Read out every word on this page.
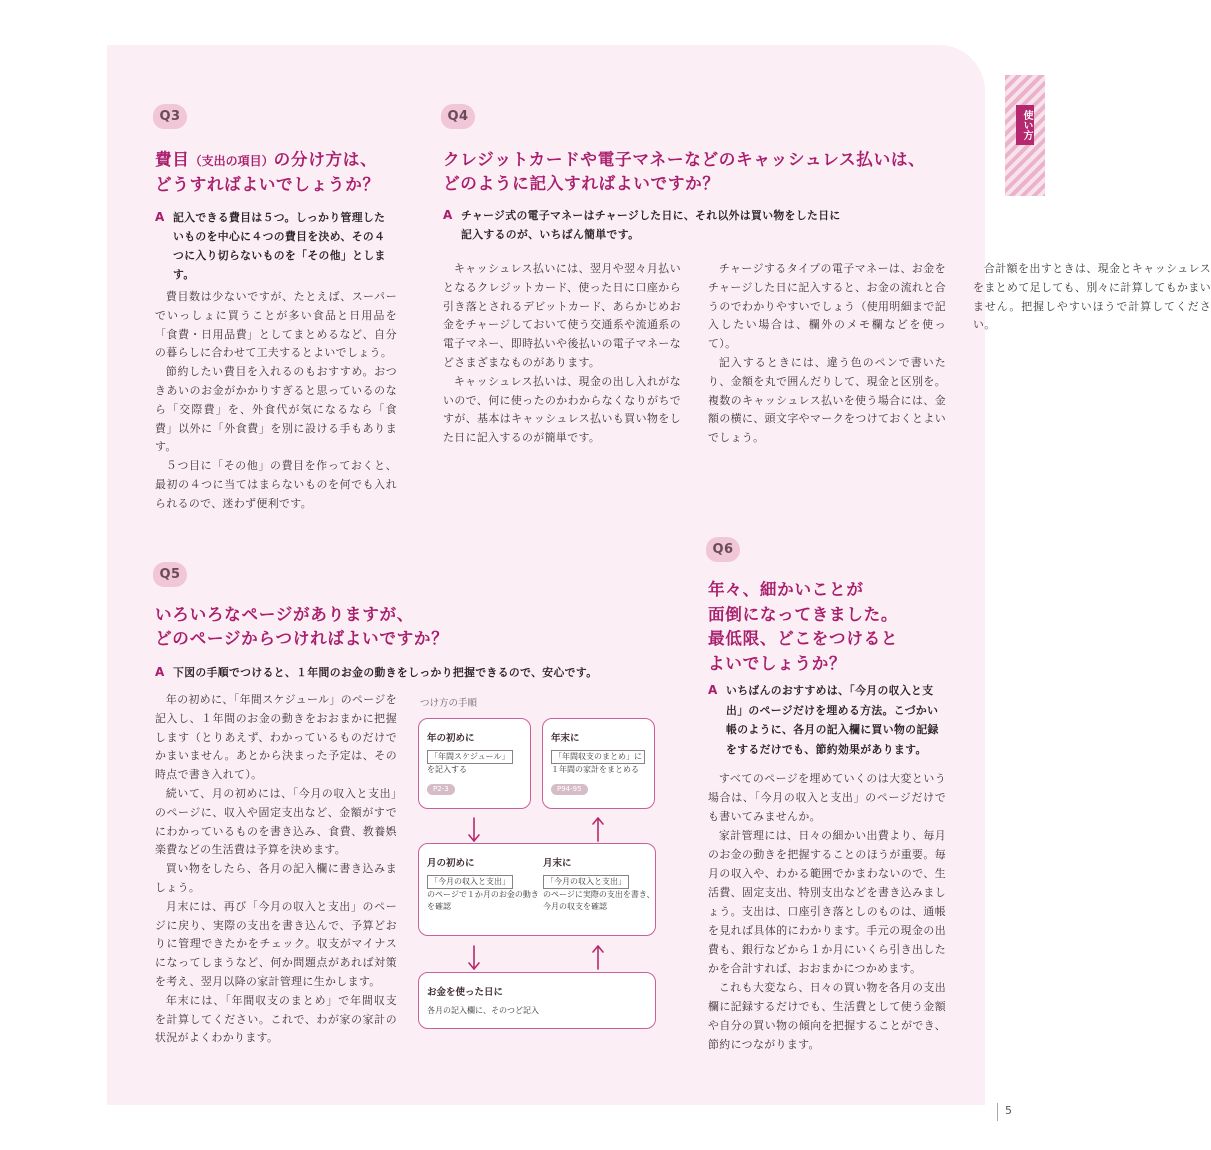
Q3
費目（支出の項目）の分け方は、
どうすればよいでしょうか？
A 記入できる費目は５つ。しっかり管理したいものを中心に４つの費目を決め、その４つに入り切らないものを「その他」とします。

費目数は少ないですが、たとえば、スーパーでいっしょに買うことが多い食品と日用品を「食費・日用品費」としてまとめるなど、自分の暮らしに合わせて工夫するとよいでしょう。

節約したい費目を入れるのもおすすめ。おつきあいのお金がかかりすぎると思っているのなら「交際費」を、外食代が気になるなら「食費」以外に「外食費」を別に設ける手もあります。

５つ目に「その他」の費目を作っておくと、最初の４つに当てはまらないものを何でも入れられるので、迷わず便利です。

Q4
クレジットカードや電子マネーなどのキャッシュレス払いは、
どのように記入すればよいですか？
A チャージ式の電子マネーはチャージした日に、それ以外は買い物をした日に記入するのが、いちばん簡単です。

キャッシュレス払いには、翌月や翌々月払いとなるクレジットカード、使った日に口座から引き落とされるデビットカード、あらかじめお金をチャージしておいて使う交通系や流通系の電子マネー、即時払いや後払いの電子マネーなどさまざまなものがあります。

キャッシュレス払いは、現金の出し入れがないので、何に使ったのかわからなくなりがちですが、基本はキャッシュレス払いも買い物をした日に記入するのが簡単です。

チャージするタイプの電子マネーは、お金をチャージした日に記入すると、お金の流れと合うのでわかりやすいでしょう（使用明細まで記入したい場合は、欄外のメモ欄などを使って）。

記入するときには、違う色のペンで書いたり、金額を丸で囲んだりして、現金と区別を。複数のキャッシュレス払いを使う場合には、金額の横に、頭文字やマークをつけておくとよいでしょう。

合計額を出すときは、現金とキャッシュレスをまとめて足しても、別々に計算してもかまいません。把握しやすいほうで計算してください。

Q5
いろいろなページがありますが、
どのページからつければよいですか？
A 下図の手順でつけると、１年間のお金の動きをしっかり把握できるので、安心です。

年の初めに、「年間スケジュール」のページを記入し、１年間のお金の動きをおおまかに把握します（とりあえず、わかっているものだけでかまいません。あとから決まった予定は、その時点で書き入れて）。

続いて、月の初めには、「今月の収入と支出」のページに、収入や固定支出など、金額がすでにわかっているものを書き込み、食費、教養娯楽費などの生活費は予算を決めます。

買い物をしたら、各月の記入欄に書き込みましょう。

月末には、再び「今月の収入と支出」のページに戻り、実際の支出を書き込んで、予算どおりに管理できたかをチェック。収支がマイナスになってしまうなど、何か問題点があれば対策を考え、翌月以降の家計管理に生かします。

年末には、「年間収支のまとめ」で年間収支を計算してください。これで、わが家の家計の状況がよくわかります。

つけ方の手順
年の初めに
「年間スケジュール」
を記入する
P2-3
年末に
「年間収支のまとめ」に
１年間の家計をまとめる
P94-95
月の初めに
「今月の収入と支出」
のページで１か月のお金の動きを確認
月末に
「今月の収入と支出」
のページに実際の支出を書き、今月の収支を確認
お金を使った日に
各月の記入欄に、そのつど記入
Q6
年々、細かいことが
面倒になってきました。
最低限、どこをつけると
よいでしょうか？
A いちばんのおすすめは、「今月の収入と支出」のページだけを埋める方法。こづかい帳のように、各月の記入欄に買い物の記録をするだけでも、節約効果があります。

すべてのページを埋めていくのは大変という場合は、「今月の収入と支出」のページだけでも書いてみませんか。

家計管理には、日々の細かい出費より、毎月のお金の動きを把握することのほうが重要。毎月の収入や、わかる範囲でかまわないので、生活費、固定支出、特別支出などを書き込みましょう。支出は、口座引き落としのものは、通帳を見れば具体的にわかります。手元の現金の出費も、銀行などから１か月にいくら引き出したかを合計すれば、おおまかにつかめます。

これも大変なら、日々の買い物を各月の支出欄に記録するだけでも、生活費として使う金額や自分の買い物の傾向を把握することができ、節約につながります。

使い方
5
